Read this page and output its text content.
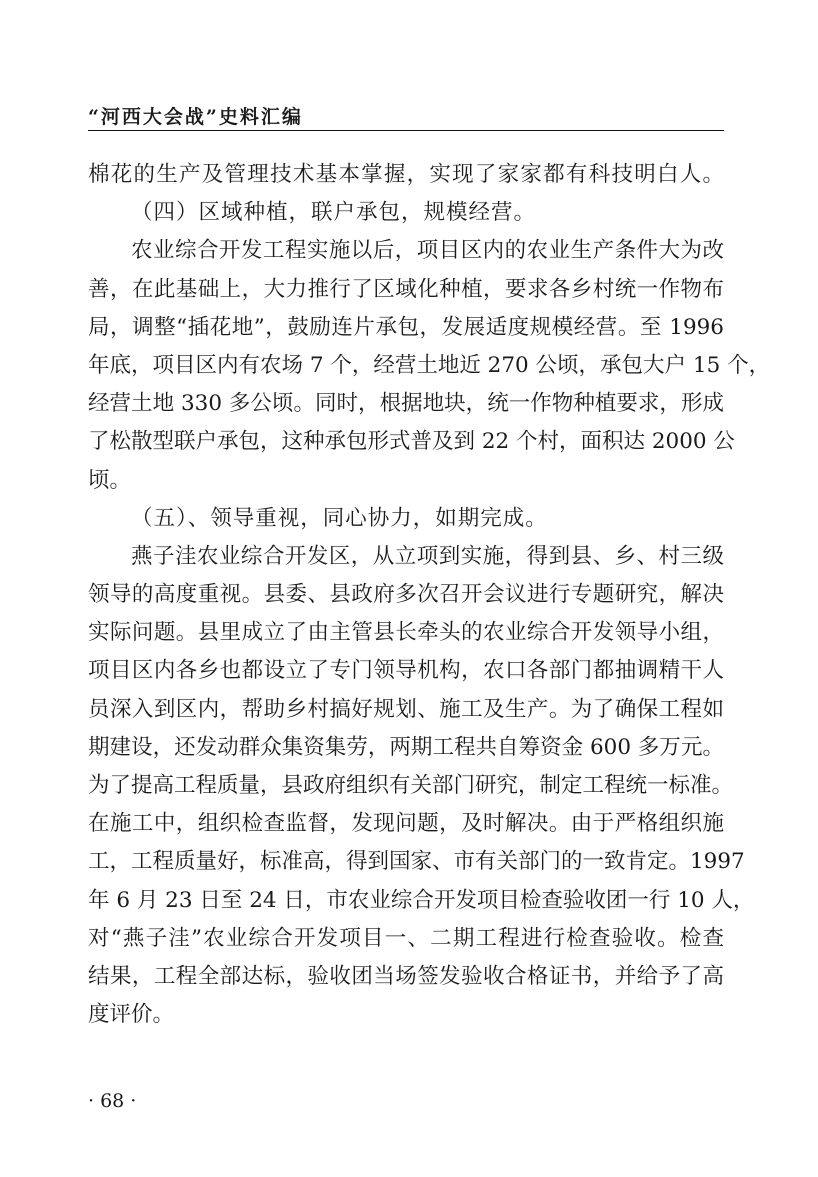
“河西大会战”史料汇编
棉花的生产及管理技术基本掌握，实现了家家都有科技明白人。
（四）区域种植，联户承包，规模经营。
农业综合开发工程实施以后，项目区内的农业生产条件大为改
善，在此基础上，大力推行了区域化种植，要求各乡村统一作物布
局，调整“插花地”，鼓励连片承包，发展适度规模经营。至 1996
年底，项目区内有农场 7 个，经营土地近 270 公顷，承包大户 15 个，
经营土地 330 多公顷。同时，根据地块，统一作物种植要求，形成
了松散型联户承包，这种承包形式普及到 22 个村，面积达 2000 公
顷。
（五）、领导重视，同心协力，如期完成。
燕子洼农业综合开发区，从立项到实施，得到县、乡、村三级
领导的高度重视。县委、县政府多次召开会议进行专题研究，解决
实际问题。县里成立了由主管县长牵头的农业综合开发领导小组，
项目区内各乡也都设立了专门领导机构，农口各部门都抽调精干人
员深入到区内，帮助乡村搞好规划、施工及生产。为了确保工程如
期建设，还发动群众集资集劳，两期工程共自筹资金 600 多万元。
为了提高工程质量，县政府组织有关部门研究，制定工程统一标准。
在施工中，组织检查监督，发现问题，及时解决。由于严格组织施
工，工程质量好，标准高，得到国家、市有关部门的一致肯定。1997
年 6 月 23 日至 24 日，市农业综合开发项目检查验收团一行 10 人，
对“燕子洼”农业综合开发项目一、二期工程进行检查验收。检查
结果，工程全部达标，验收团当场签发验收合格证书，并给予了高
度评价。
· 68 ·
